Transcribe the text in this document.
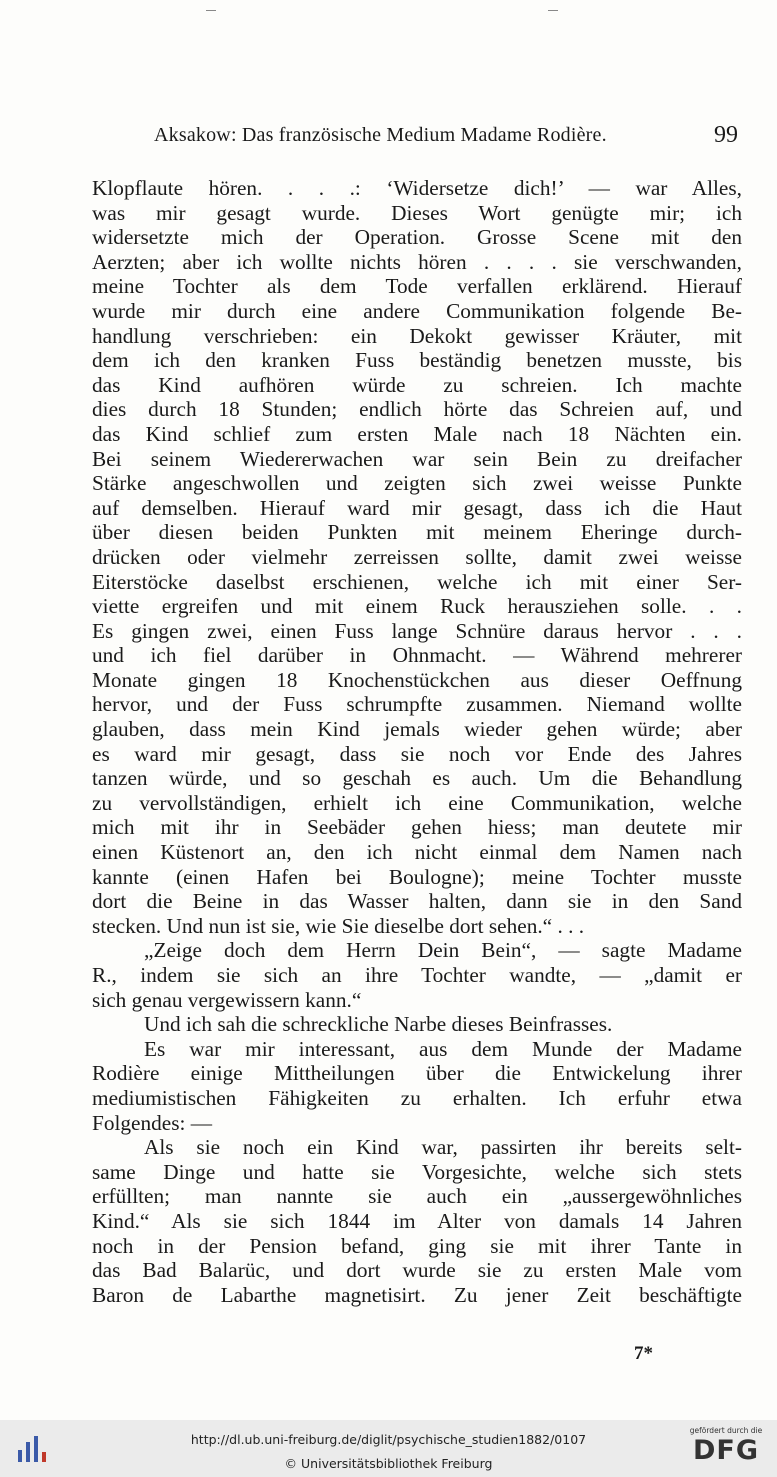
Aksakow: Das französische Medium Madame Rodière.	99
Klopflaute hören. . . .: ‘Widersetze dich!’ — war Alles,
was mir gesagt wurde. Dieses Wort genügte mir; ich
widersetzte mich der Operation. Grosse Scene mit den
Aerzten; aber ich wollte nichts hören . . . . sie verschwanden,
meine Tochter als dem Tode verfallen erklärend. Hierauf
wurde mir durch eine andere Communikation folgende Be-
handlung verschrieben: ein Dekokt gewisser Kräuter, mit
dem ich den kranken Fuss beständig benetzen musste, bis
das Kind aufhören würde zu schreien. Ich machte
dies durch 18 Stunden; endlich hörte das Schreien auf, und
das Kind schlief zum ersten Male nach 18 Nächten ein.
Bei seinem Wiedererwachen war sein Bein zu dreifacher
Stärke angeschwollen und zeigten sich zwei weisse Punkte
auf demselben. Hierauf ward mir gesagt, dass ich die Haut
über diesen beiden Punkten mit meinem Eheringe durch-
drücken oder vielmehr zerreissen sollte, damit zwei weisse
Eiterstöcke daselbst erschienen, welche ich mit einer Ser-
viette ergreifen und mit einem Ruck herausziehen solle. . .
Es gingen zwei, einen Fuss lange Schnüre daraus hervor . . .
und ich fiel darüber in Ohnmacht. — Während mehrerer
Monate gingen 18 Knochenstückchen aus dieser Oeffnung
hervor, und der Fuss schrumpfte zusammen. Niemand wollte
glauben, dass mein Kind jemals wieder gehen würde; aber
es ward mir gesagt, dass sie noch vor Ende des Jahres
tanzen würde, und so geschah es auch. Um die Behandlung
zu vervollständigen, erhielt ich eine Communikation, welche
mich mit ihr in Seebäder gehen hiess; man deutete mir
einen Küstenort an, den ich nicht einmal dem Namen nach
kannte (einen Hafen bei Boulogne); meine Tochter musste
dort die Beine in das Wasser halten, dann sie in den Sand
stecken. Und nun ist sie, wie Sie dieselbe dort sehen.“ . . .
„Zeige doch dem Herrn Dein Bein“, — sagte Madame
R., indem sie sich an ihre Tochter wandte, — „damit er
sich genau vergewissern kann.“
Und ich sah die schreckliche Narbe dieses Beinfrasses.
Es war mir interessant, aus dem Munde der Madame
Rodière einige Mittheilungen über die Entwickelung ihrer
mediumistischen Fähigkeiten zu erhalten. Ich erfuhr etwa
Folgendes: —
Als sie noch ein Kind war, passirten ihr bereits selt-
same Dinge und hatte sie Vorgesichte, welche sich stets
erfüllten; man nannte sie auch ein „aussergewöhnliches
Kind.“ Als sie sich 1844 im Alter von damals 14 Jahren
noch in der Pension befand, ging sie mit ihrer Tante in
das Bad Balarüc, und dort wurde sie zu ersten Male vom
Baron de Labarthe magnetisirt. Zu jener Zeit beschäftigte
7*
http://dl.ub.uni-freiburg.de/diglit/psychische_studien1882/0107
© Universitätsbibliothek Freiburg
gefördert durch die
DFG
